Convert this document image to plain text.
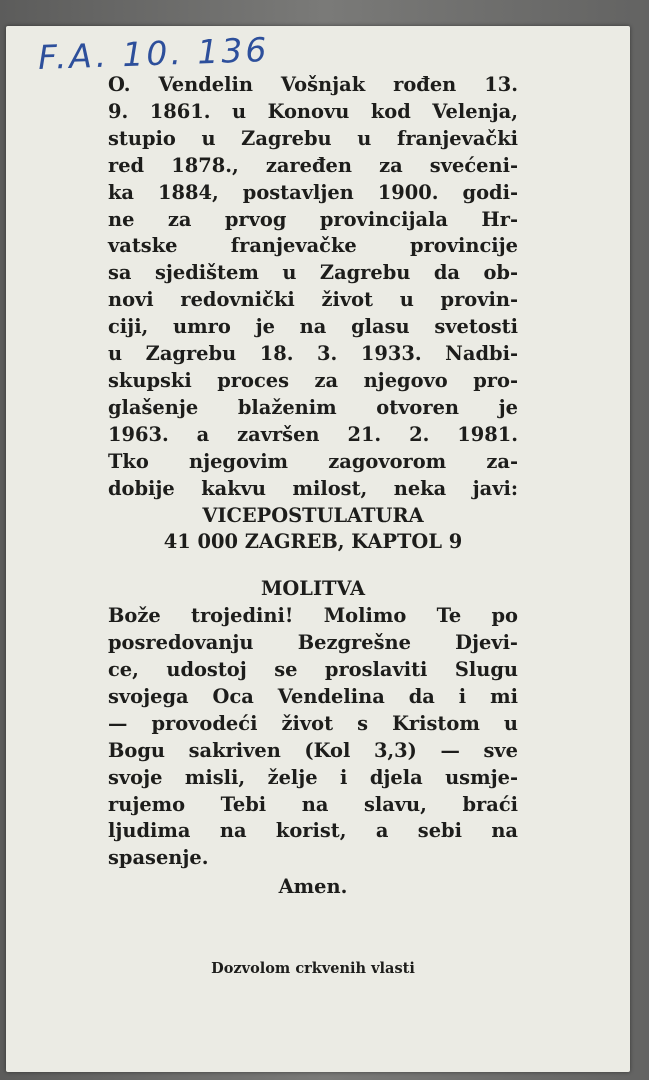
F.A. 10. 136
O. Vendelin Vošnjak rođen 13.
9. 1861. u Konovu kod Velenja,
stupio u Zagrebu u franjevački
red 1878., zaređen za svećeni-
ka 1884, postavljen 1900. godi-
ne za prvog provincijala Hr-
vatske franjevačke provincije
sa sjedištem u Zagrebu da ob-
novi redovnički život u provin-
ciji, umro je na glasu svetosti
u Zagrebu 18. 3. 1933. Nadbi-
skupski proces za njegovo pro-
glašenje blaženim otvoren je
1963. a završen 21. 2. 1981.
Tko njegovim zagovorom za-
dobije kakvu milost, neka javi:
VICEPOSTULATURA
41 000 ZAGREB, KAPTOL 9
MOLITVA
Bože trojedini! Molimo Te po
posredovanju Bezgrešne Djevi-
ce, udostoj se proslaviti Slugu
svojega Oca Vendelina da i mi
— provodeći život s Kristom u
Bogu sakriven (Kol 3,3) — sve
svoje misli, želje i djela usmje-
rujemo Tebi na slavu, braći
ljudima na korist, a sebi na
spasenje.
Amen.
Dozvolom crkvenih vlasti
